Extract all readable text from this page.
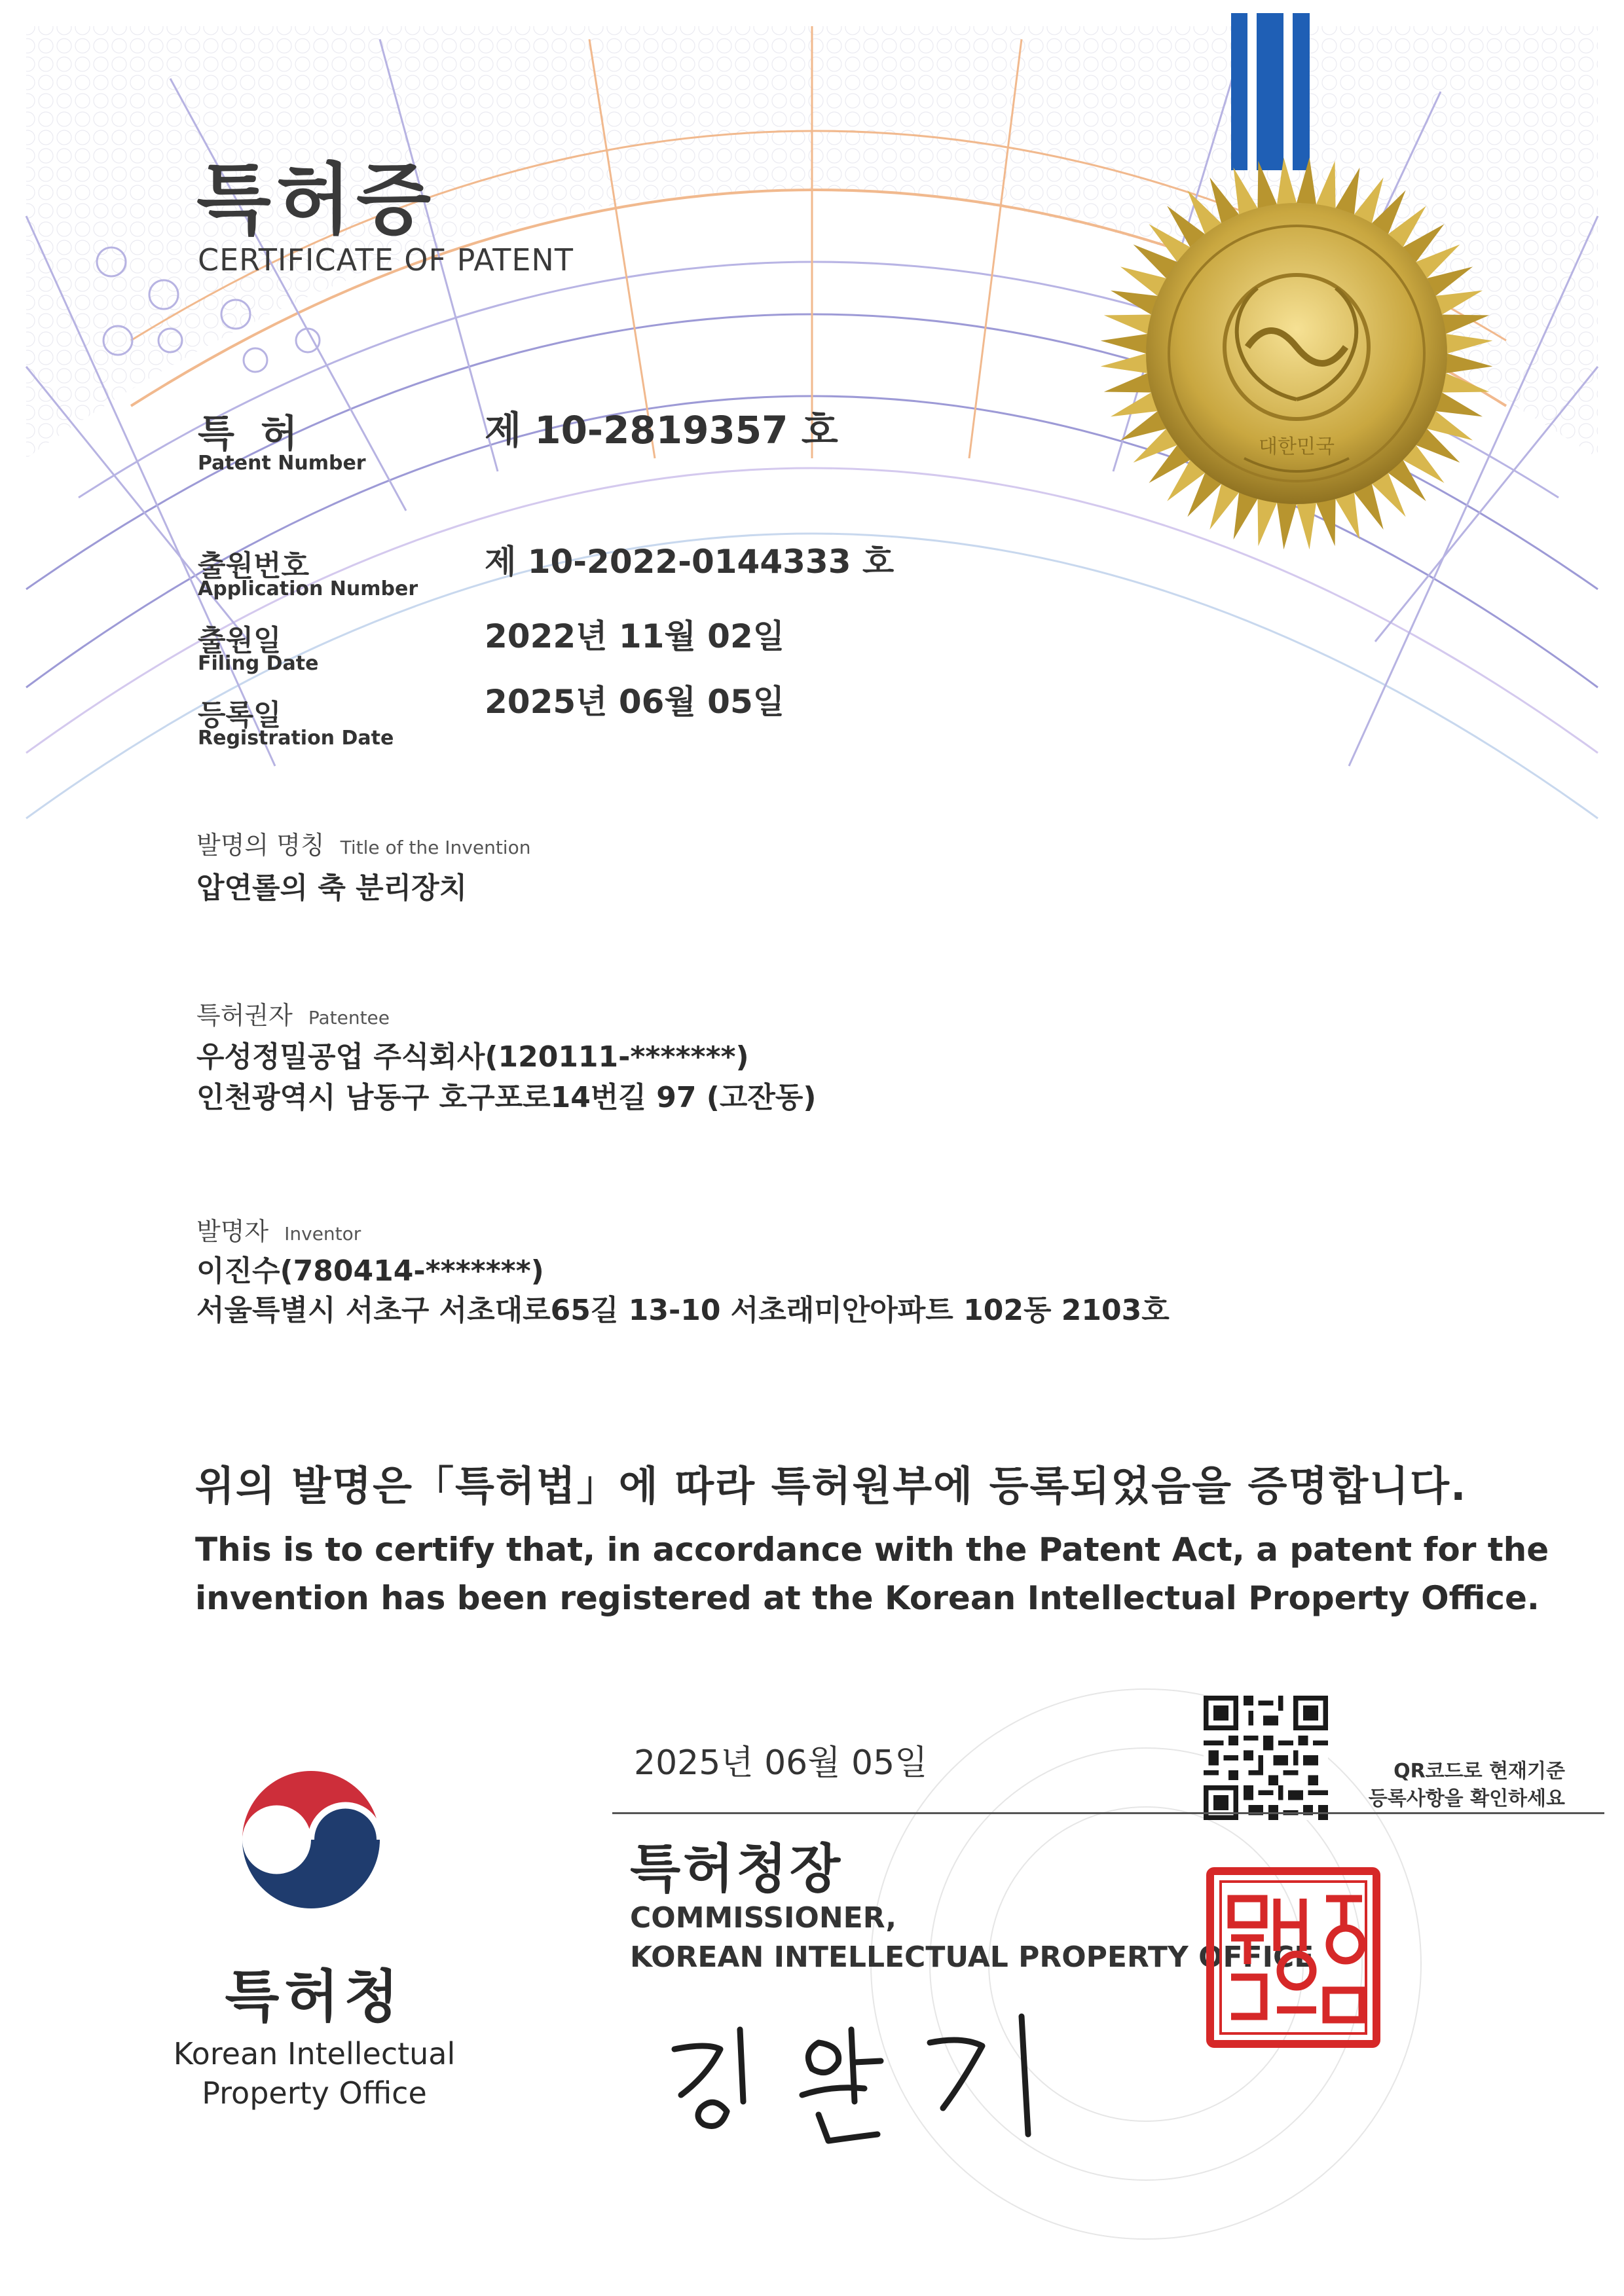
대한민국
특허증
CERTIFICATE OF PATENT
특 허
Patent Number
제 10-2819357 호
출원번호
Application Number
제 10-2022-0144333 호
출원일
Filing Date
2022년 11월 02일
등록일
Registration Date
2025년 06월 05일
발명의 명칭 Title of the Invention
압연롤의 축 분리장치
특허권자 Patentee
우성정밀공업 주식회사(120111-*******)
인천광역시 남동구 호구포로14번길 97 (고잔동)
발명자 Inventor
이진수(780414-*******)
서울특별시 서초구 서초대로65길 13-10 서초래미안아파트 102동 2103호
위의 발명은「특허법」에 따라 특허원부에 등록되었음을 증명합니다.
This is to certify that, in accordance with the Patent Act, a patent for the
invention has been registered at the Korean Intellectual Property Office.
2025년 06월 05일	QR코드로 현재기준
등록사항을 확인하세요
특허청
Korean Intellectual
Property Office
특허청장
COMMISSIONER,
KOREAN INTELLECTUAL PROPERTY OFFICE
